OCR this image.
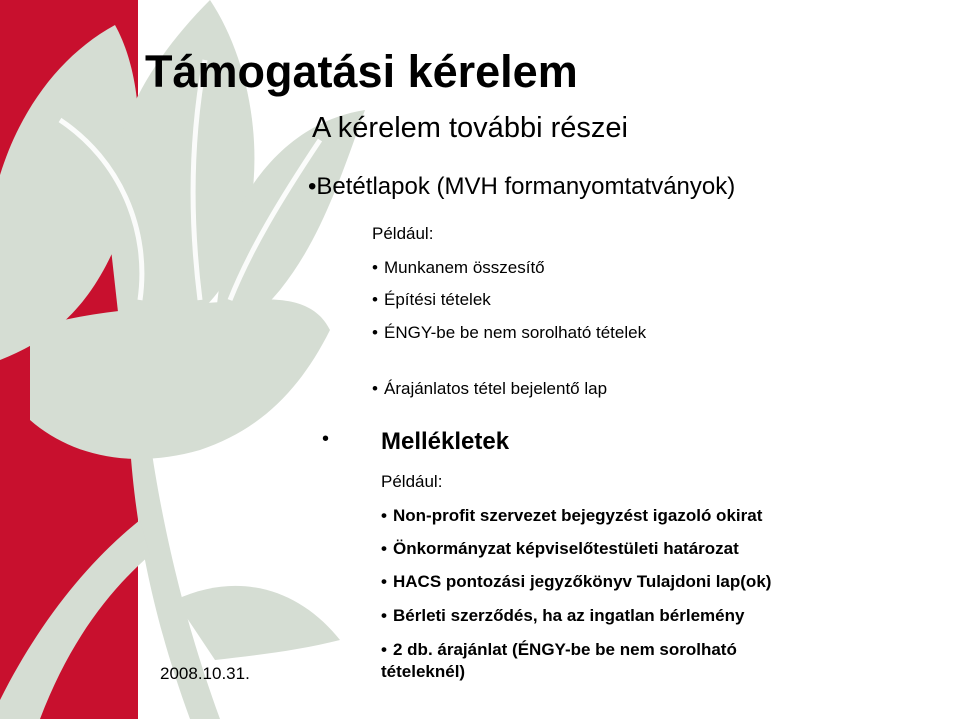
Támogatási kérelem
A kérelem további részei
•Betétlapok (MVH formanyomtatványok)
Például:
• Munkanem összesítő
• Építési tételek
• ÉNGY-be be nem sorolható tételek
• Árajánlatos tétel bejelentő lap
• Mellékletek
Például:
• Non-profit szervezet bejegyzést igazoló okirat
• Önkormányzat képviselőtestületi határozat
• HACS pontozási jegyzőkönyv Tulajdoni lap(ok)
• Bérleti szerződés, ha az ingatlan bérlemény
• 2 db. árajánlat (ÉNGY-be be nem sorolható tételeknél)
2008.10.31.
